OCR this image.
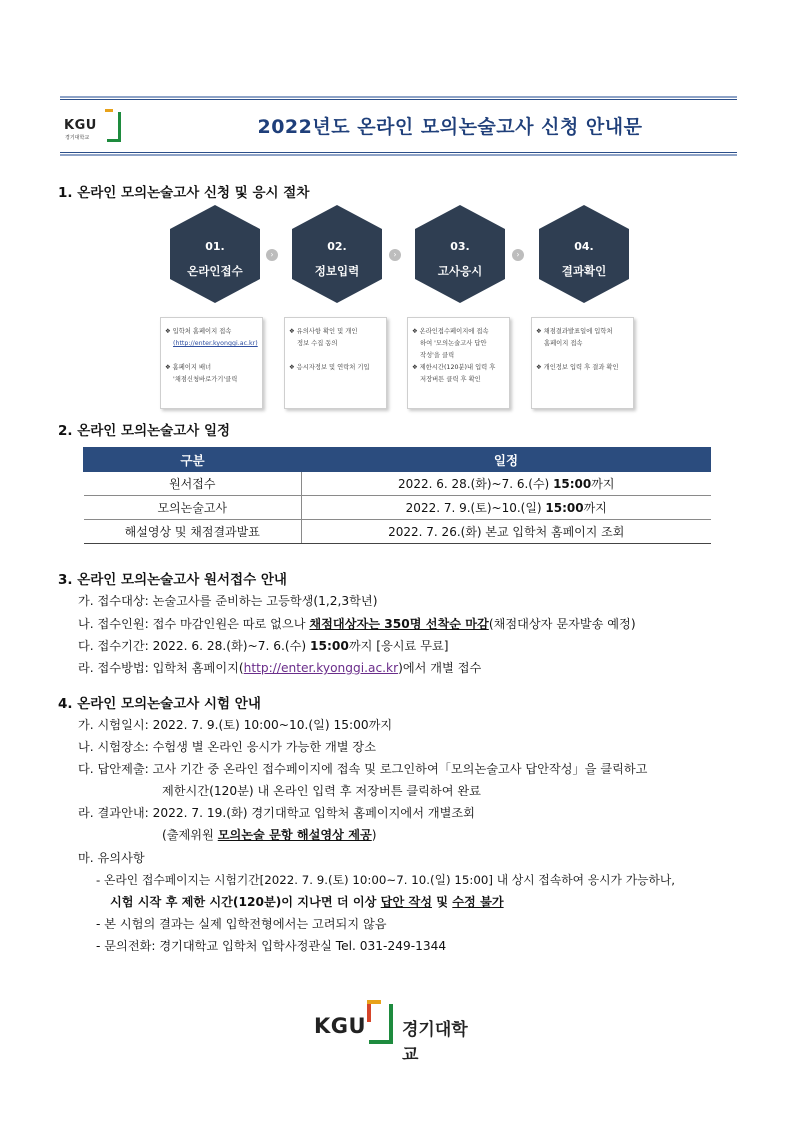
KGU
경기대학교	2022년도 온라인 모의논술고사 신청 안내문
1. 온라인 모의논술고사 신청 및 응시 절차
01.
온라인접수
›
02.
정보입력
›
03.
고사응시
›
04.
결과확인
❖ 입학처 홈페이지 접속
(http://enter.kyonggi.ac.kr)

❖ 홈페이지 배너
'채점신청바로가기'클릭
❖ 유의사항 확인 및 개인
정보 수집 동의

❖ 응시자정보 및 연락처 기입
❖ 온라인접수페이지에 접속
하여 '모의논술고사 답안
작성'을 클릭
❖ 제한시간(120분)내 입력 후
저장버튼 클릭 후 확인
❖ 채점결과발표일에 입학처
홈페이지 접속

❖ 개인정보 입력 후 결과 확인
2. 온라인 모의논술고사 일정
구분	일정
원서접수	2022. 6. 28.(화)~7. 6.(수) 15:00까지
모의논술고사	2022. 7. 9.(토)~10.(일) 15:00까지
해설영상 및 채점결과발표	2022. 7. 26.(화) 본교 입학처 홈페이지 조회
3. 온라인 모의논술고사 원서접수 안내
가. 접수대상: 논술고사를 준비하는 고등학생(1,2,3학년)
나. 접수인원: 접수 마감인원은 따로 없으나 채점대상자는 350명 선착순 마감(채점대상자 문자발송 예정)
다. 접수기간: 2022. 6. 28.(화)~7. 6.(수) 15:00까지 [응시료 무료]
라. 접수방법: 입학처 홈페이지(http://enter.kyonggi.ac.kr)에서 개별 접수
4. 온라인 모의논술고사 시험 안내
가. 시험일시: 2022. 7. 9.(토) 10:00~10.(일) 15:00까지
나. 시험장소: 수험생 별 온라인 응시가 가능한 개별 장소
다. 답안제출: 고사 기간 중 온라인 접수페이지에 접속 및 로그인하여「모의논술고사 답안작성」을 클릭하고
제한시간(120분) 내 온라인 입력 후 저장버튼 클릭하여 완료
라. 결과안내: 2022. 7. 19.(화) 경기대학교 입학처 홈페이지에서 개별조회
(출제위원 모의논술 문항 해설영상 제공)
마. 유의사항
- 온라인 접수페이지는 시험기간[2022. 7. 9.(토) 10:00~7. 10.(일) 15:00] 내 상시 접속하여 응시가 가능하나,
시험 시작 후 제한 시간(120분)이 지나면 더 이상 답안 작성 및 수정 불가
- 본 시험의 결과는 실제 입학전형에서는 고려되지 않음
- 문의전화: 경기대학교 입학처 입학사정관실 Tel. 031-249-1344
KGU 경기대학교
